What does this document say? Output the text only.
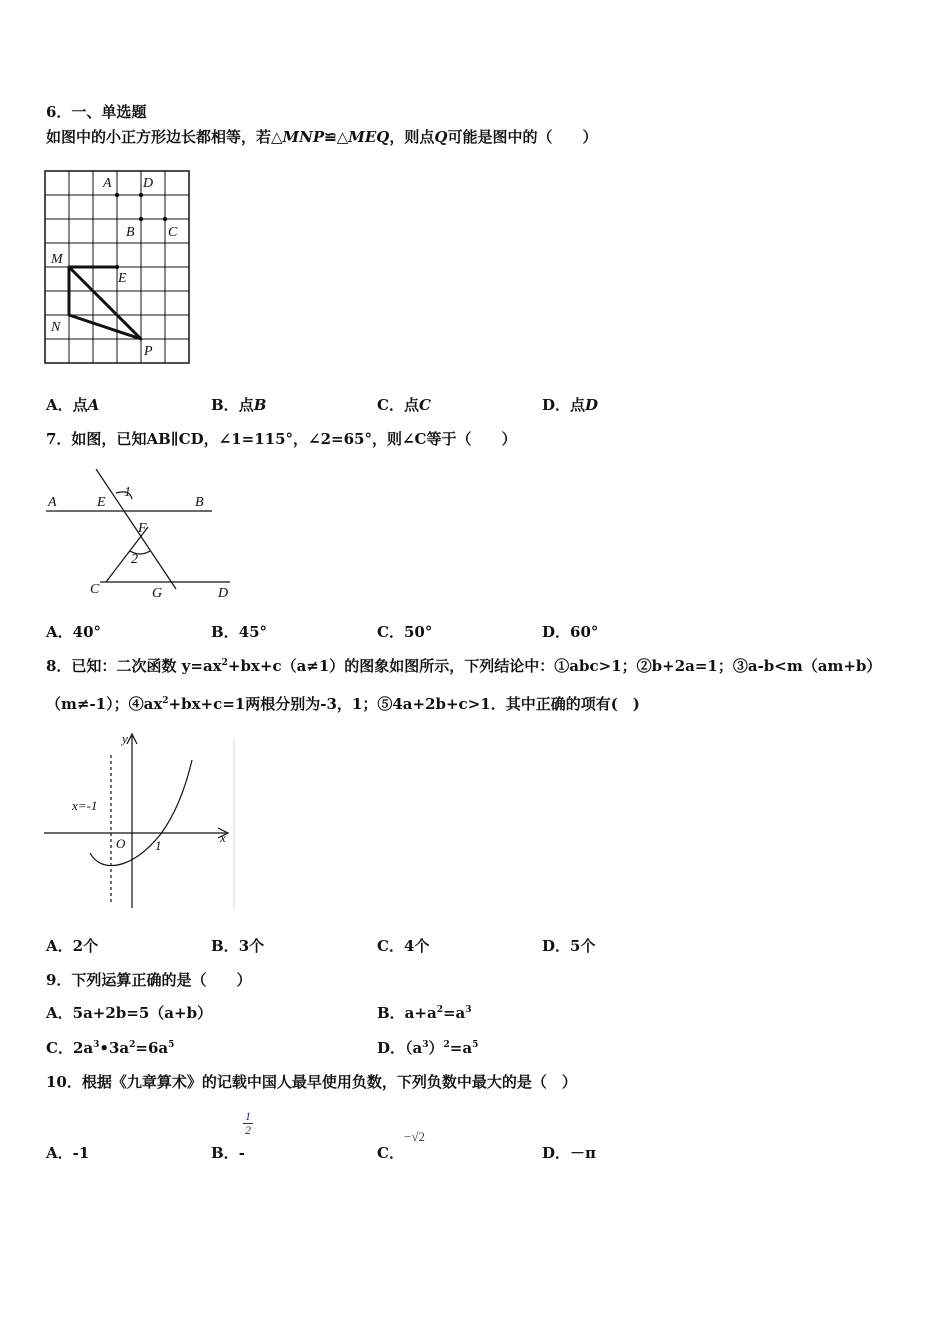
6．一、单选题
如图中的小正方形边长都相等，若△MNP≌△MEQ，则点Q可能是图中的（　　）
A D
B C
M
E
N
P
A．点A	B．点B	C．点C	D．点D
7．如图，已知AB∥CD，∠1=115°，∠2=65°，则∠C等于（　　）
A	E
1
B
F
2
C	G	D
A．40°	B．45°	C．50°	D．60°
8．已知：二次函数 $y=ax^2+bx+c(a\ne 1)$的图象如图所示，下列结论中：①abc>1；②b+2a=1；③a-b<m（am+b）
（m≠-1）；$④ax^2+bx+c=1$两根分别为-3，1；⑤4a+2b+c>1．其中正确的项有(　)
y
x=-1
O 1
x
A．2个	B．3个	C．4个	D．5个
9．下列运算正确的是（　　）
A．5a+2b=5（a+b）	B．$a+a^2=a^3$
C．$2a^3•3a^2=6a^5$	D．$(a^3)^2=a^5$
10．根据《九章算术》的记载中国人最早使用负数，下列负数中最大的是（　）
A．-1	B．-
1
2
C．
−√2
D．－π
